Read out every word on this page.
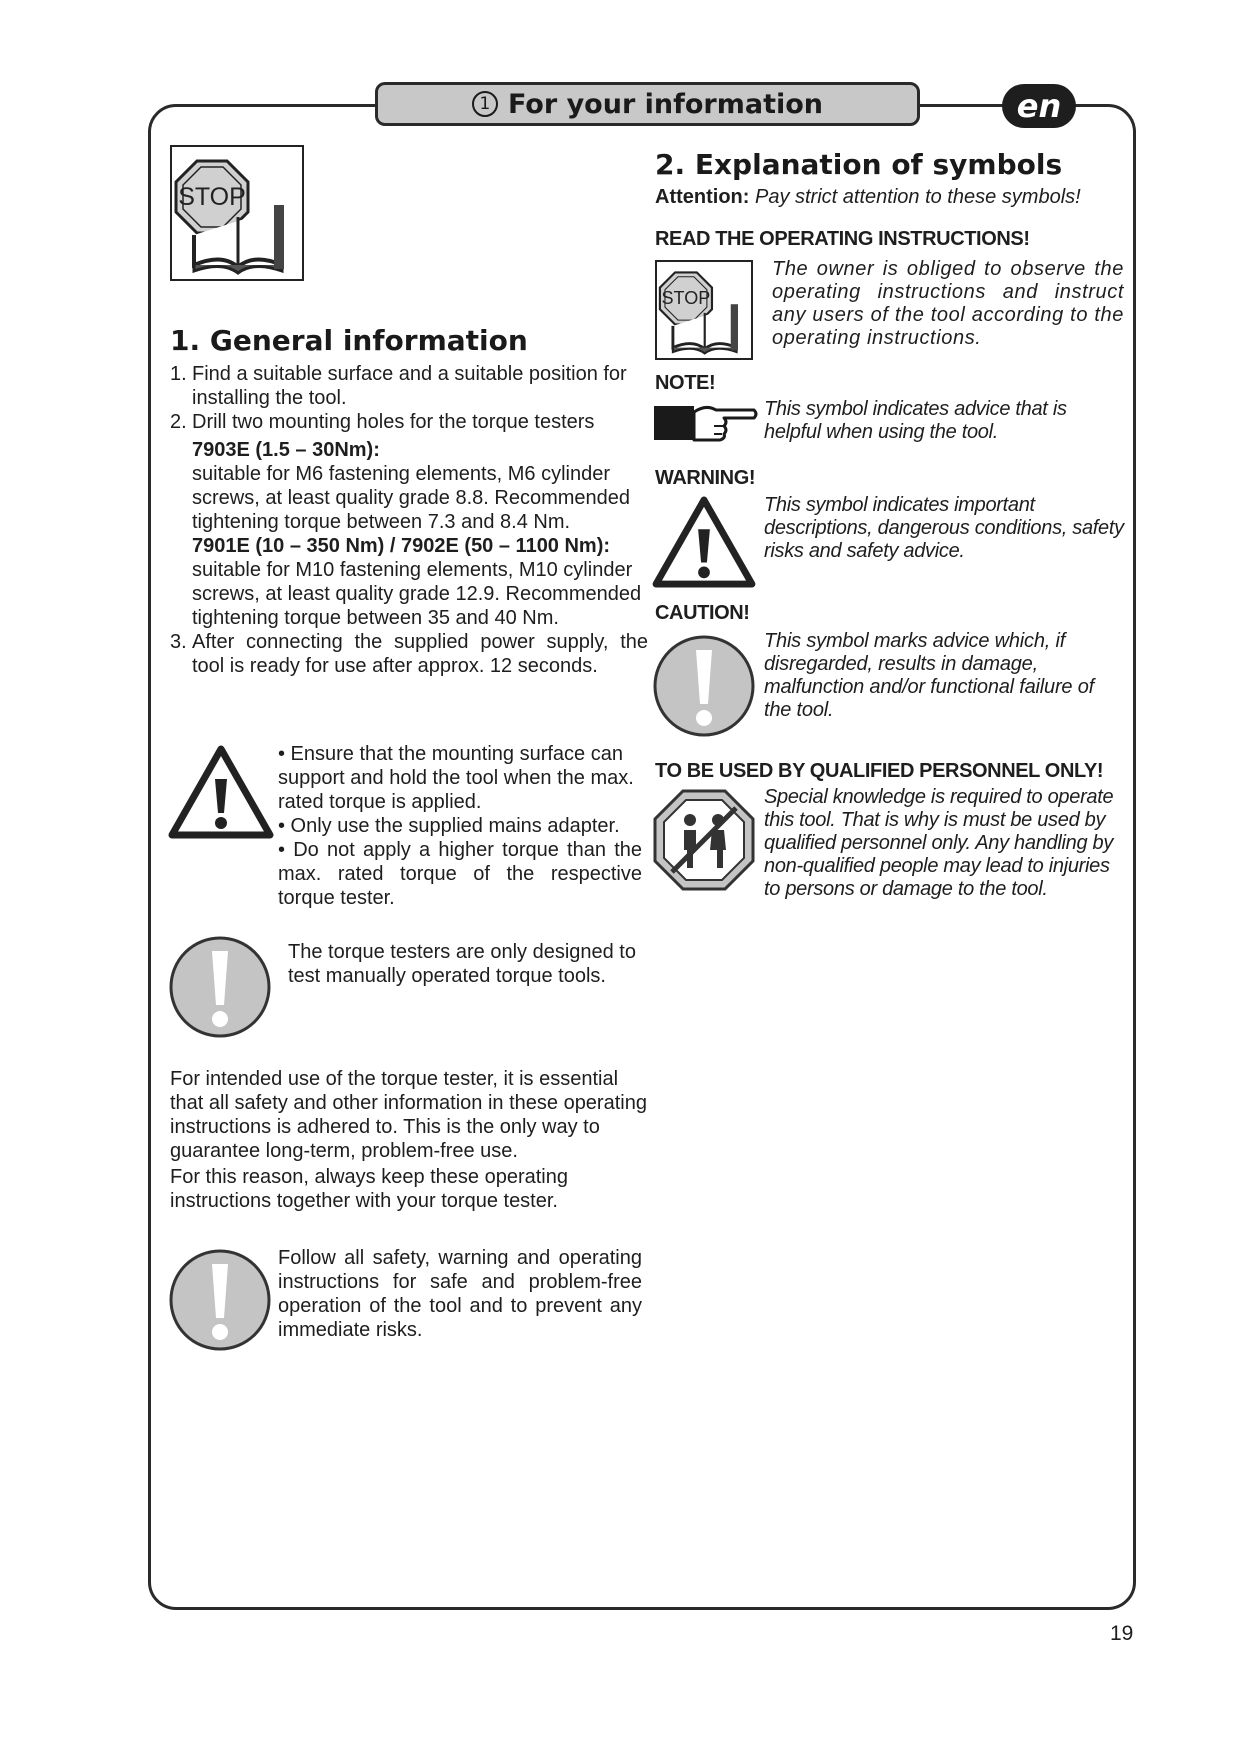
1 For your information	en
STOP
1. General information
1. Find a suitable surface and a suitable position for installing the tool.
2. Drill two mounting holes for the torque testers
7903E (1.5 – 30Nm):
suitable for M6 fastening elements, M6 cylinder screws, at least quality grade 8.8. Recommended tightening torque between 7.3 and 8.4 Nm.
7901E (10 – 350 Nm) / 7902E (50 – 1100 Nm):
suitable for M10 fastening elements, M10 cylinder screws, at least quality grade 12.9. Recommended tightening torque between 35 and 40 Nm.
3. After connecting the supplied power supply, the tool is ready for use after approx. 12 seconds.
• Ensure that the mounting surface can support and hold the tool when the max. rated torque is applied.
• Only use the supplied mains adapter.
• Do not apply a higher torque than the max. rated torque of the respective torque tester.
The torque testers are only designed to test manually operated torque tools.
For intended use of the torque tester, it is essential that all safety and other information in these operating instructions is adhered to. This is the only way to guarantee long-term, problem-free use.
For this reason, always keep these operating instructions together with your torque tester.
Follow all safety, warning and operating instructions for safe and problem-free operation of the tool and to prevent any immediate risks.
2. Explanation of symbols
Attention: Pay strict attention to these symbols!
READ THE OPERATING INSTRUCTIONS!
STOP
The owner is obliged to observe the operating instructions and instruct any users of the tool according to the operating instructions.
NOTE!
This symbol indicates advice that is helpful when using the tool.
WARNING!
This symbol indicates important descriptions, dangerous conditions, safety risks and safety advice.
CAUTION!
This symbol marks advice which, if disregarded, results in damage, malfunction and/or functional failure of the tool.
TO BE USED BY QUALIFIED PERSONNEL ONLY!
Special knowledge is required to operate this tool. That is why is must be used by qualified personnel only. Any handling by non-qualified people may lead to injuries to persons or damage to the tool.
19
